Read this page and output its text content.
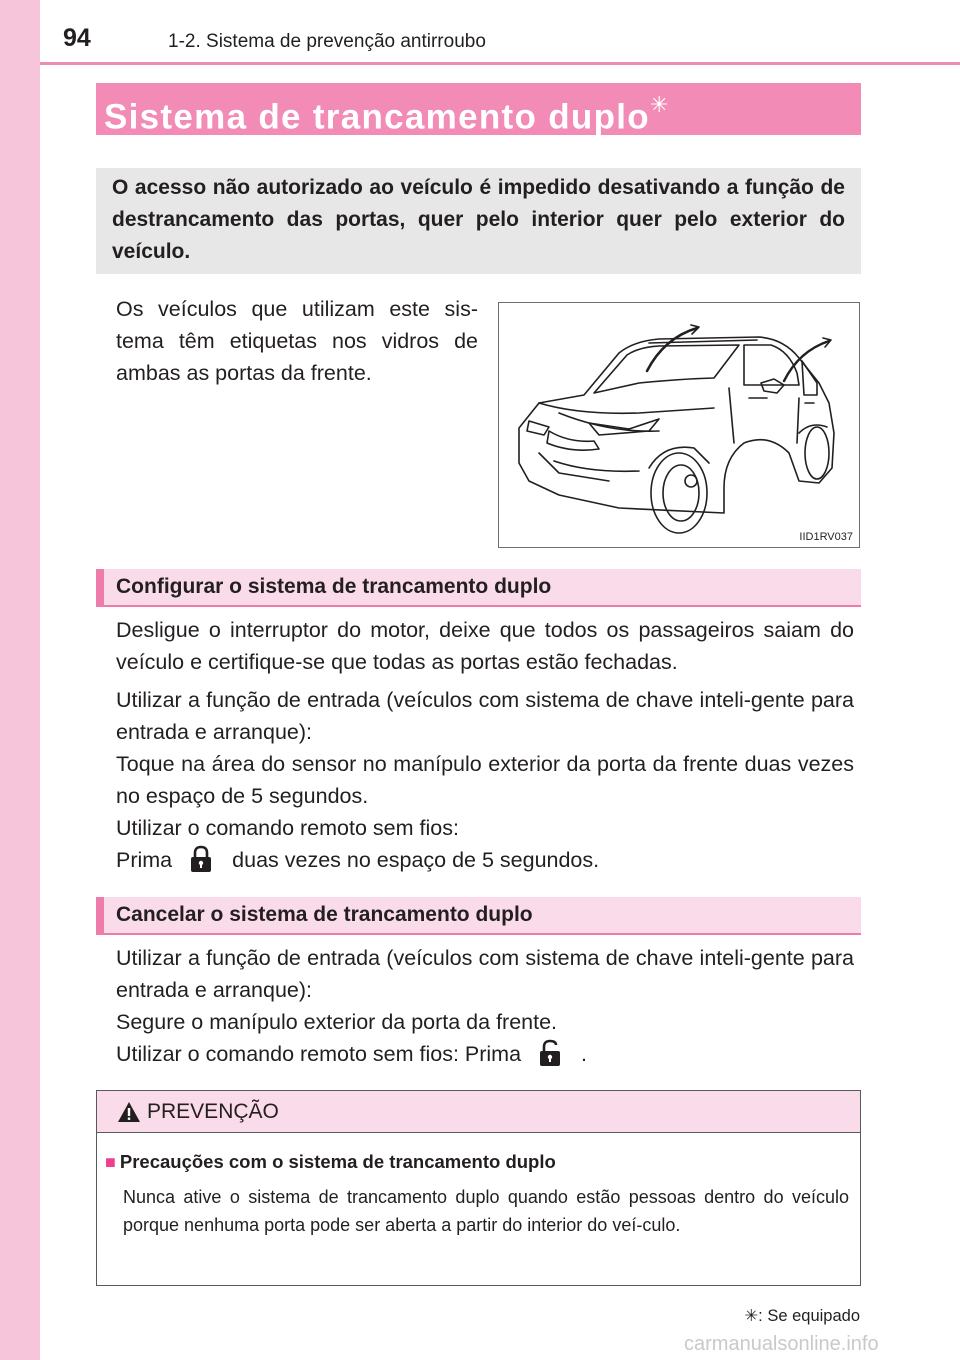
94	1-2. Sistema de prevenção antirroubo
Sistema de trancamento duplo✳
O acesso não autorizado ao veículo é impedido desativando a função de destrancamento das portas, quer pelo interior quer pelo exterior do veículo.
Os veículos que utilizam este sis-tema têm etiquetas nos vidros de ambas as portas da frente.
IID1RV037
Configurar o sistema de trancamento duplo
Desligue o interruptor do motor, deixe que todos os passageiros saiam do veículo e certifique-se que todas as portas estão fechadas.
Utilizar a função de entrada (veículos com sistema de chave inteli-gente para entrada e arranque):
Toque na área do sensor no manípulo exterior da porta da frente duas vezes no espaço de 5 segundos.
Utilizar o comando remoto sem fios:
Prima	duas vezes no espaço de 5 segundos.
Cancelar o sistema de trancamento duplo
Utilizar a função de entrada (veículos com sistema de chave inteli-gente para entrada e arranque):
Segure o manípulo exterior da porta da frente.
Utilizar o comando remoto sem fios: Prima	.
PREVENÇÃO
■ Precauções com o sistema de trancamento duplo
Nunca ative o sistema de trancamento duplo quando estão pessoas dentro do veículo porque nenhuma porta pode ser aberta a partir do interior do veí-culo.
✳: Se equipado
carmanualsonline.info
